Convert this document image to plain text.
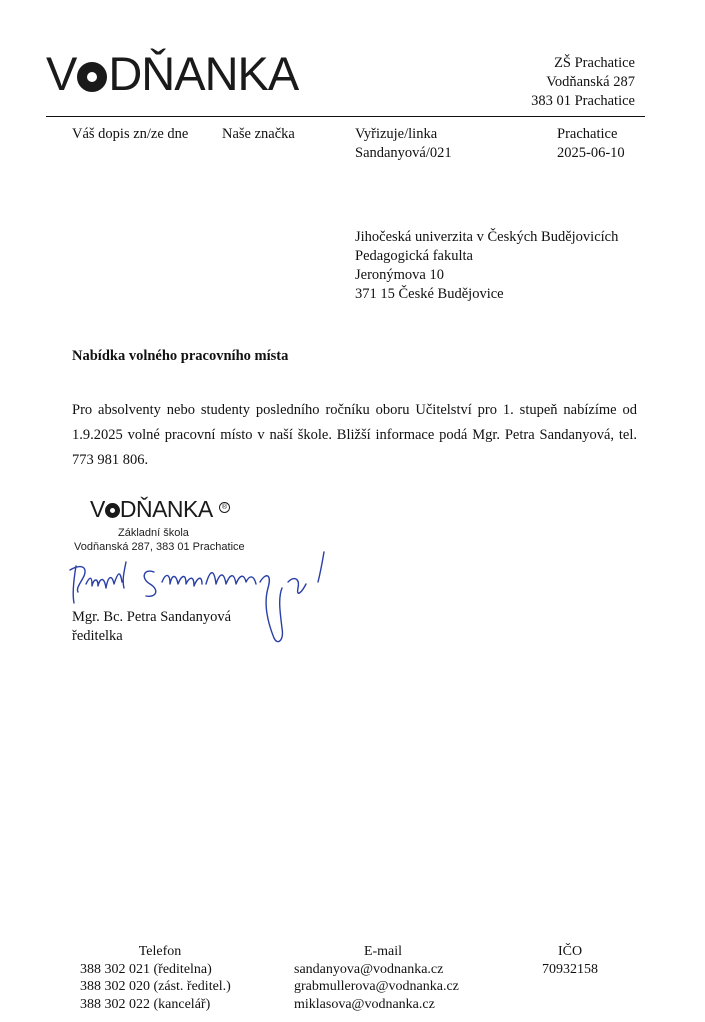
V DŇANKA	ZŠ Prachatice
Vodňanská 287
383 01 Prachatice
Váš dopis zn/ze dne Naše značka	Vyřizuje/linka
Sandanyová/021
Prachatice
2025-06-10
Jihočeská univerzita v Českých Budějovicích
Pedagogická fakulta
Jeronýmova 10
371 15 České Budějovice
Nabídka volného pracovního místa
Pro absolventy nebo studenty posledního ročníku oboru Učitelství pro 1. stupeň nabízíme od 1.9.2025 volné pracovní místo v naší škole. Bližší informace podá Mgr. Petra Sandanyová, tel. 773 981 806.
V DŇANKA ®
Základní škola
Vodňanská 287, 383 01 Prachatice
Mgr. Bc. Petra Sandanyová
ředitelka
Telefon
388 302 021 (ředitelna)
388 302 020 (zást. ředitel.)
388 302 022 (kancelář)
E-mail
sandanyova@vodnanka.cz
grabmullerova@vodnanka.cz
miklasova@vodnanka.cz
IČO
70932158
